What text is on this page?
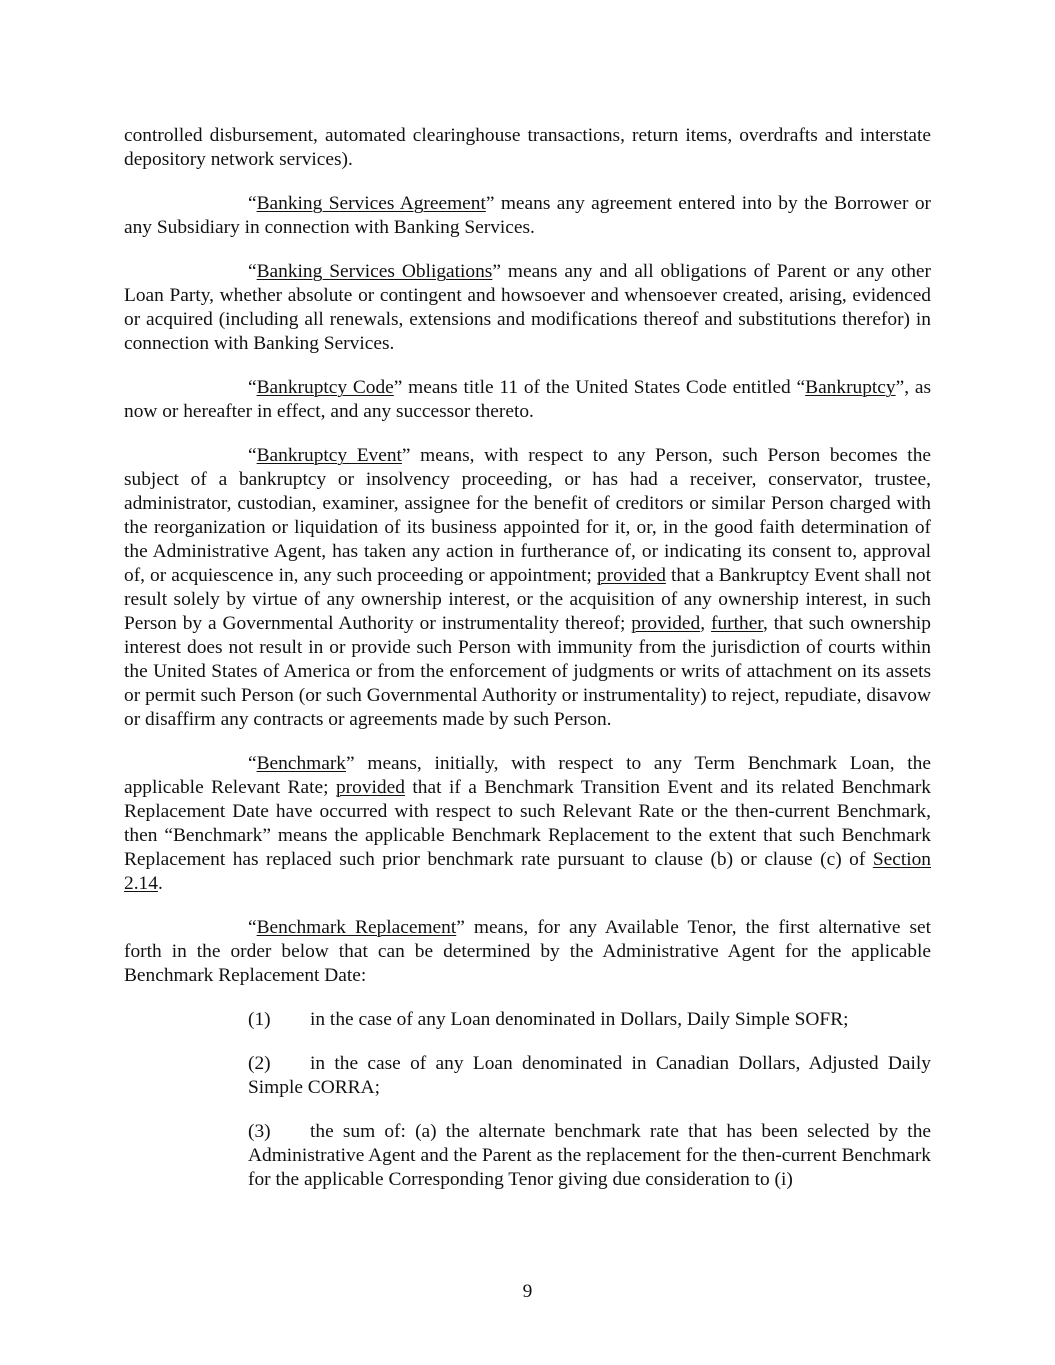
controlled disbursement, automated clearinghouse transactions, return items, overdrafts and interstate depository network services).

“Banking Services Agreement” means any agreement entered into by the Borrower or any Subsidiary in connection with Banking Services.

“Banking Services Obligations” means any and all obligations of Parent or any other Loan Party, whether absolute or contingent and howsoever and whensoever created, arising, evidenced or acquired (including all renewals, extensions and modifications thereof and substitutions therefor) in connection with Banking Services.

“Bankruptcy Code” means title 11 of the United States Code entitled “Bankruptcy”, as now or hereafter in effect, and any successor thereto.

“Bankruptcy Event” means, with respect to any Person, such Person becomes the subject of a bankruptcy or insolvency proceeding, or has had a receiver, conservator, trustee, administrator, custodian, examiner, assignee for the benefit of creditors or similar Person charged with the reorganization or liquidation of its business appointed for it, or, in the good faith determination of the Administrative Agent, has taken any action in furtherance of, or indicating its consent to, approval of, or acquiescence in, any such proceeding or appointment; provided that a Bankruptcy Event shall not result solely by virtue of any ownership interest, or the acquisition of any ownership interest, in such Person by a Governmental Authority or instrumentality thereof; provided, further, that such ownership interest does not result in or provide such Person with immunity from the jurisdiction of courts within the United States of America or from the enforcement of judgments or writs of attachment on its assets or permit such Person (or such Governmental Authority or instrumentality) to reject, repudiate, disavow or disaffirm any contracts or agreements made by such Person.

“Benchmark” means, initially, with respect to any Term Benchmark Loan, the applicable Relevant Rate; provided that if a Benchmark Transition Event and its related Benchmark Replacement Date have occurred with respect to such Relevant Rate or the then-current Benchmark, then “Benchmark” means the applicable Benchmark Replacement to the extent that such Benchmark Replacement has replaced such prior benchmark rate pursuant to clause (b) or clause (c) of Section 2.14.

“Benchmark Replacement” means, for any Available Tenor, the first alternative set forth in the order below that can be determined by the Administrative Agent for the applicable Benchmark Replacement Date:

(1) in the case of any Loan denominated in Dollars, Daily Simple SOFR;

(2) in the case of any Loan denominated in Canadian Dollars, Adjusted Daily Simple CORRA;

(3) the sum of: (a) the alternate benchmark rate that has been selected by the Administrative Agent and the Parent as the replacement for the then-current Benchmark for the applicable Corresponding Tenor giving due consideration to (i)

9
